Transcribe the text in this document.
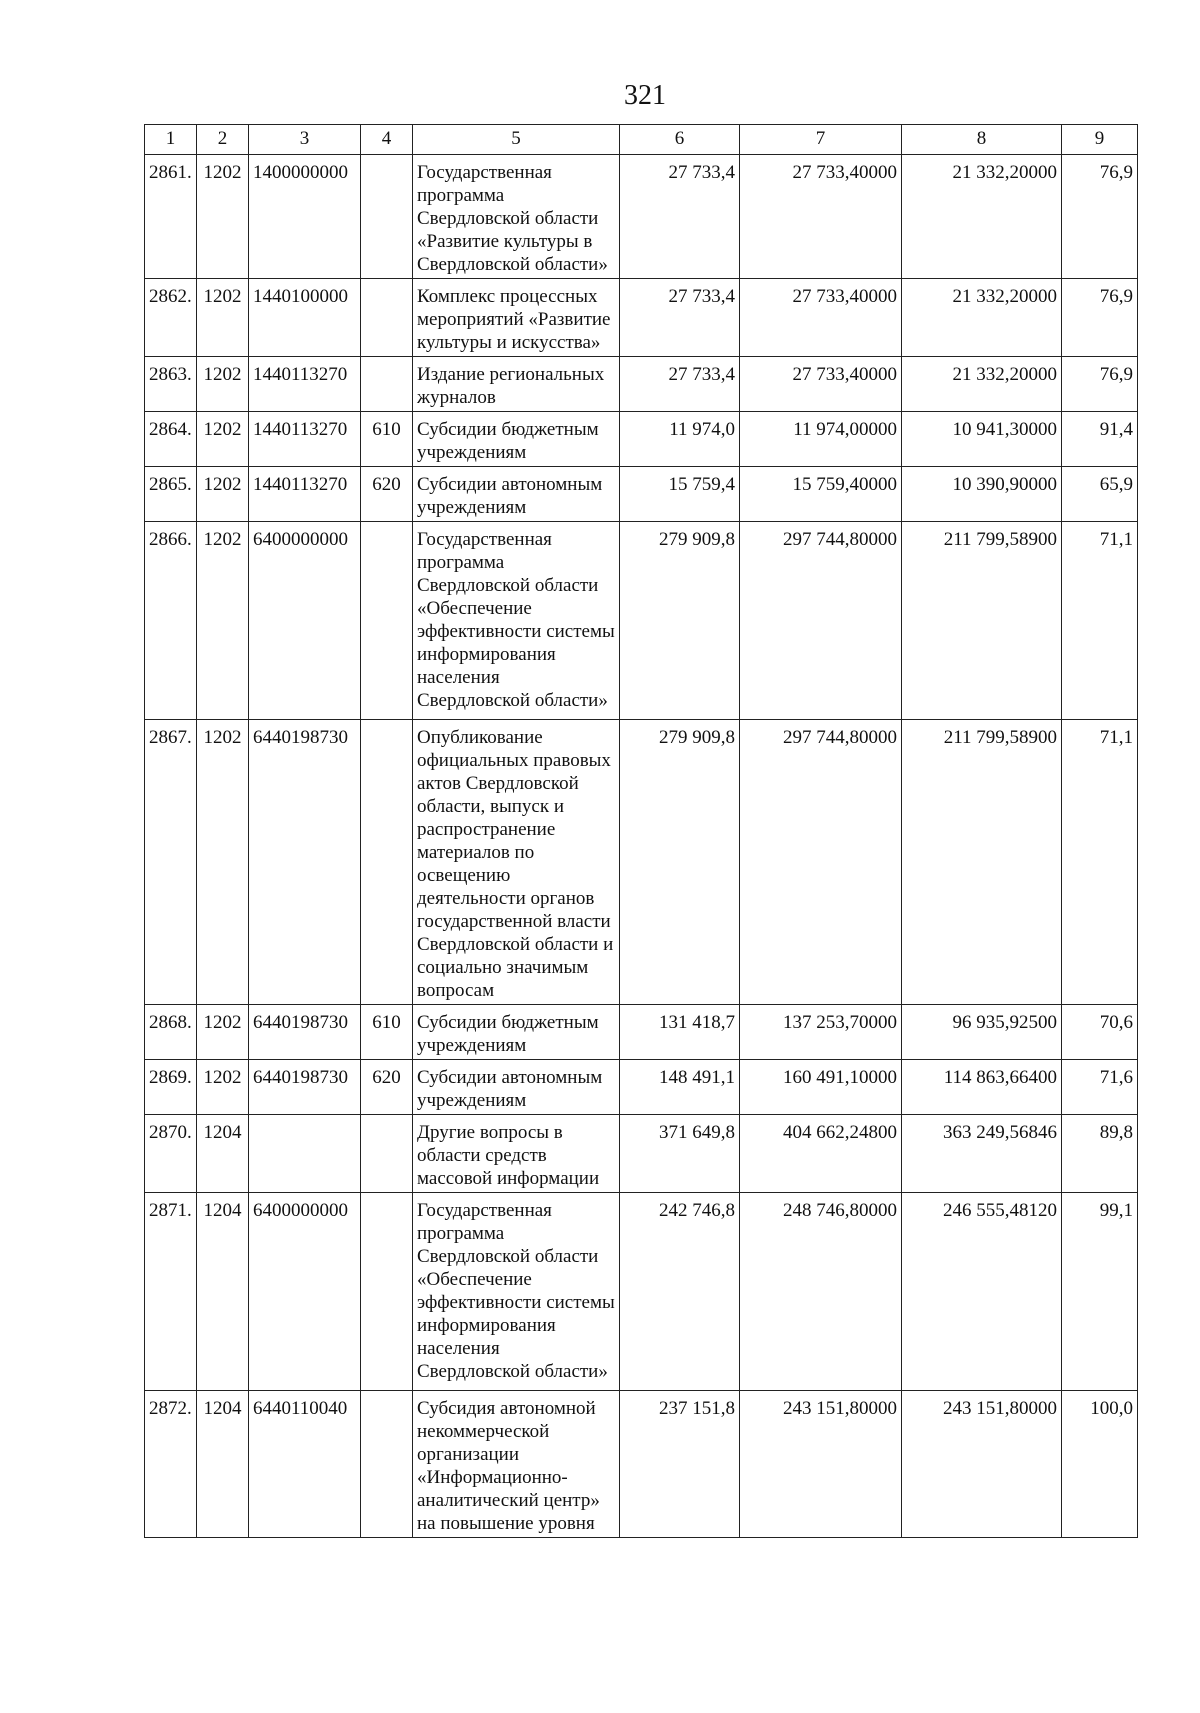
321
1	2	3	4	5	6	7	8	9
2861.	1202	1400000000		Государственная программа Свердловской области «Развитие культуры в Свердловской области»	27 733,4	27 733,40000	21 332,20000	76,9
2862.	1202	1440100000		Комплекс процессных мероприятий «Развитие культуры и искусства»	27 733,4	27 733,40000	21 332,20000	76,9
2863.	1202	1440113270		Издание региональных журналов	27 733,4	27 733,40000	21 332,20000	76,9
2864.	1202	1440113270	610	Субсидии бюджетным учреждениям	11 974,0	11 974,00000	10 941,30000	91,4
2865.	1202	1440113270	620	Субсидии автономным учреждениям	15 759,4	15 759,40000	10 390,90000	65,9
2866.	1202	6400000000		Государственная программа Свердловской области «Обеспечение эффективности системы информирования населения Свердловской области»	279 909,8	297 744,80000	211 799,58900	71,1
2867.	1202	6440198730		Опубликование официальных правовых актов Свердловской области, выпуск и распространение материалов по освещению деятельности органов государственной власти Свердловской области и социально значимым вопросам	279 909,8	297 744,80000	211 799,58900	71,1
2868.	1202	6440198730	610	Субсидии бюджетным учреждениям	131 418,7	137 253,70000	96 935,92500	70,6
2869.	1202	6440198730	620	Субсидии автономным учреждениям	148 491,1	160 491,10000	114 863,66400	71,6
2870.	1204			Другие вопросы в области средств массовой информации	371 649,8	404 662,24800	363 249,56846	89,8
2871.	1204	6400000000		Государственная программа Свердловской области «Обеспечение эффективности системы информирования населения Свердловской области»	242 746,8	248 746,80000	246 555,48120	99,1
2872.	1204	6440110040		Субсидия автономной некоммерческой организации «Информационно-аналитический центр» на повышение уровня	237 151,8	243 151,80000	243 151,80000	100,0
